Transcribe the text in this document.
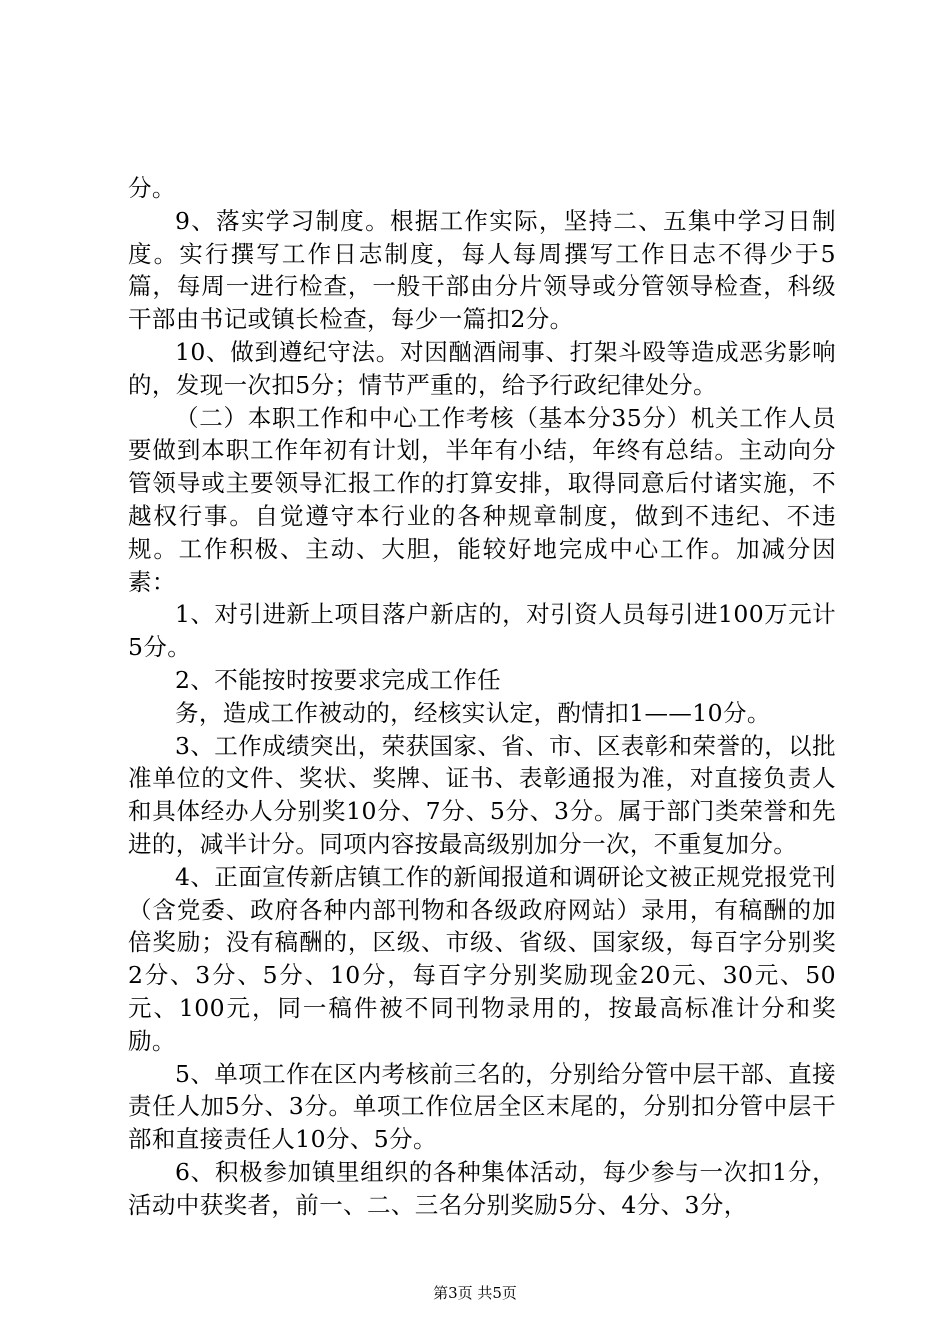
分。

9、落实学习制度。根据工作实际，坚持二、五集中学习日制度。实行撰写工作日志制度，每人每周撰写工作日志不得少于5篇，每周一进行检查，一般干部由分片领导或分管领导检查，科级干部由书记或镇长检查，每少一篇扣2分。

10、做到遵纪守法。对因酗酒闹事、打架斗殴等造成恶劣影响的，发现一次扣5分；情节严重的，给予行政纪律处分。

（二）本职工作和中心工作考核（基本分35分）机关工作人员要做到本职工作年初有计划，半年有小结，年终有总结。主动向分管领导或主要领导汇报工作的打算安排，取得同意后付诸实施，不越权行事。自觉遵守本行业的各种规章制度，做到不违纪、不违规。工作积极、主动、大胆，能较好地完成中心工作。加减分因素：

1、对引进新上项目落户新店的，对引资人员每引进100万元计5分。

2、不能按时按要求完成工作任

务，造成工作被动的，经核实认定，酌情扣1——10分。

3、工作成绩突出，荣获国家、省、市、区表彰和荣誉的，以批准单位的文件、奖状、奖牌、证书、表彰通报为准，对直接负责人和具体经办人分别奖10分、7分、5分、3分。属于部门类荣誉和先进的，减半计分。同项内容按最高级别加分一次，不重复加分。

4、正面宣传新店镇工作的新闻报道和调研论文被正规党报党刊（含党委、政府各种内部刊物和各级政府网站）录用，有稿酬的加倍奖励；没有稿酬的，区级、市级、省级、国家级，每百字分别奖2分、3分、5分、10分，每百字分别奖励现金20元、30元、50元、100元，同一稿件被不同刊物录用的，按最高标准计分和奖励。

5、单项工作在区内考核前三名的，分别给分管中层干部、直接责任人加5分、3分。单项工作位居全区末尾的，分别扣分管中层干部和直接责任人10分、5分。

6、积极参加镇里组织的各种集体活动，每少参与一次扣1分，活动中获奖者，前一、二、三名分别奖励5分、4分、3分，

第3页 共5页
